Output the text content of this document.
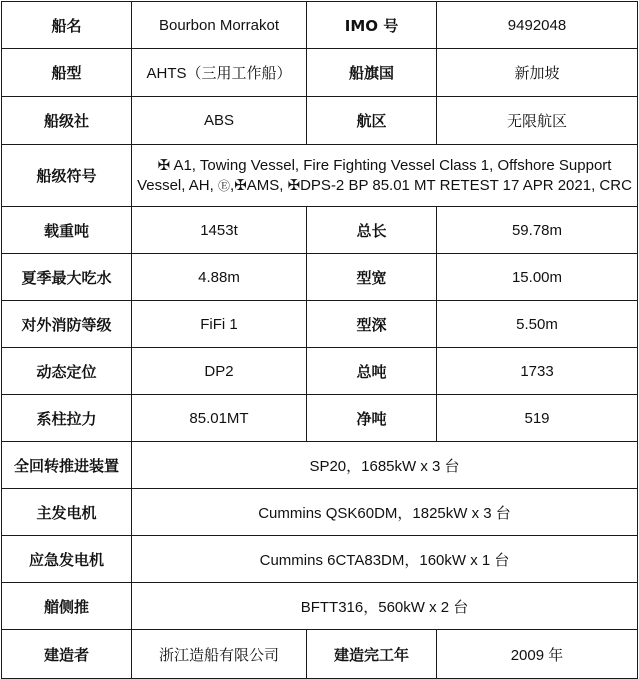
船名	Bourbon Morrakot	IMO 号	9492048
船型	AHTS（三用工作船）	船旗国	新加坡
船级社	ABS	航区	无限航区
船级符号	✠ A1, Towing Vessel, Fire Fighting Vessel Class 1, Offshore Support Vessel, AH, Ⓔ,✠AMS, ✠DPS-2 BP 85.01 MT RETEST 17 APR 2021, CRC		
载重吨	1453t	总长	59.78m
夏季最大吃水	4.88m	型宽	15.00m
对外消防等级	FiFi 1	型深	5.50m
动态定位	DP2	总吨	1733
系柱拉力	85.01MT	净吨	519
全回转推进装置	SP20，1685kW x 3 台		
主发电机	Cummins QSK60DM，1825kW x 3 台		
应急发电机	Cummins 6CTA83DM，160kW x 1 台		
艏侧推	BFTT316，560kW x 2 台		
建造者	浙江造船有限公司	建造完工年	2009 年
